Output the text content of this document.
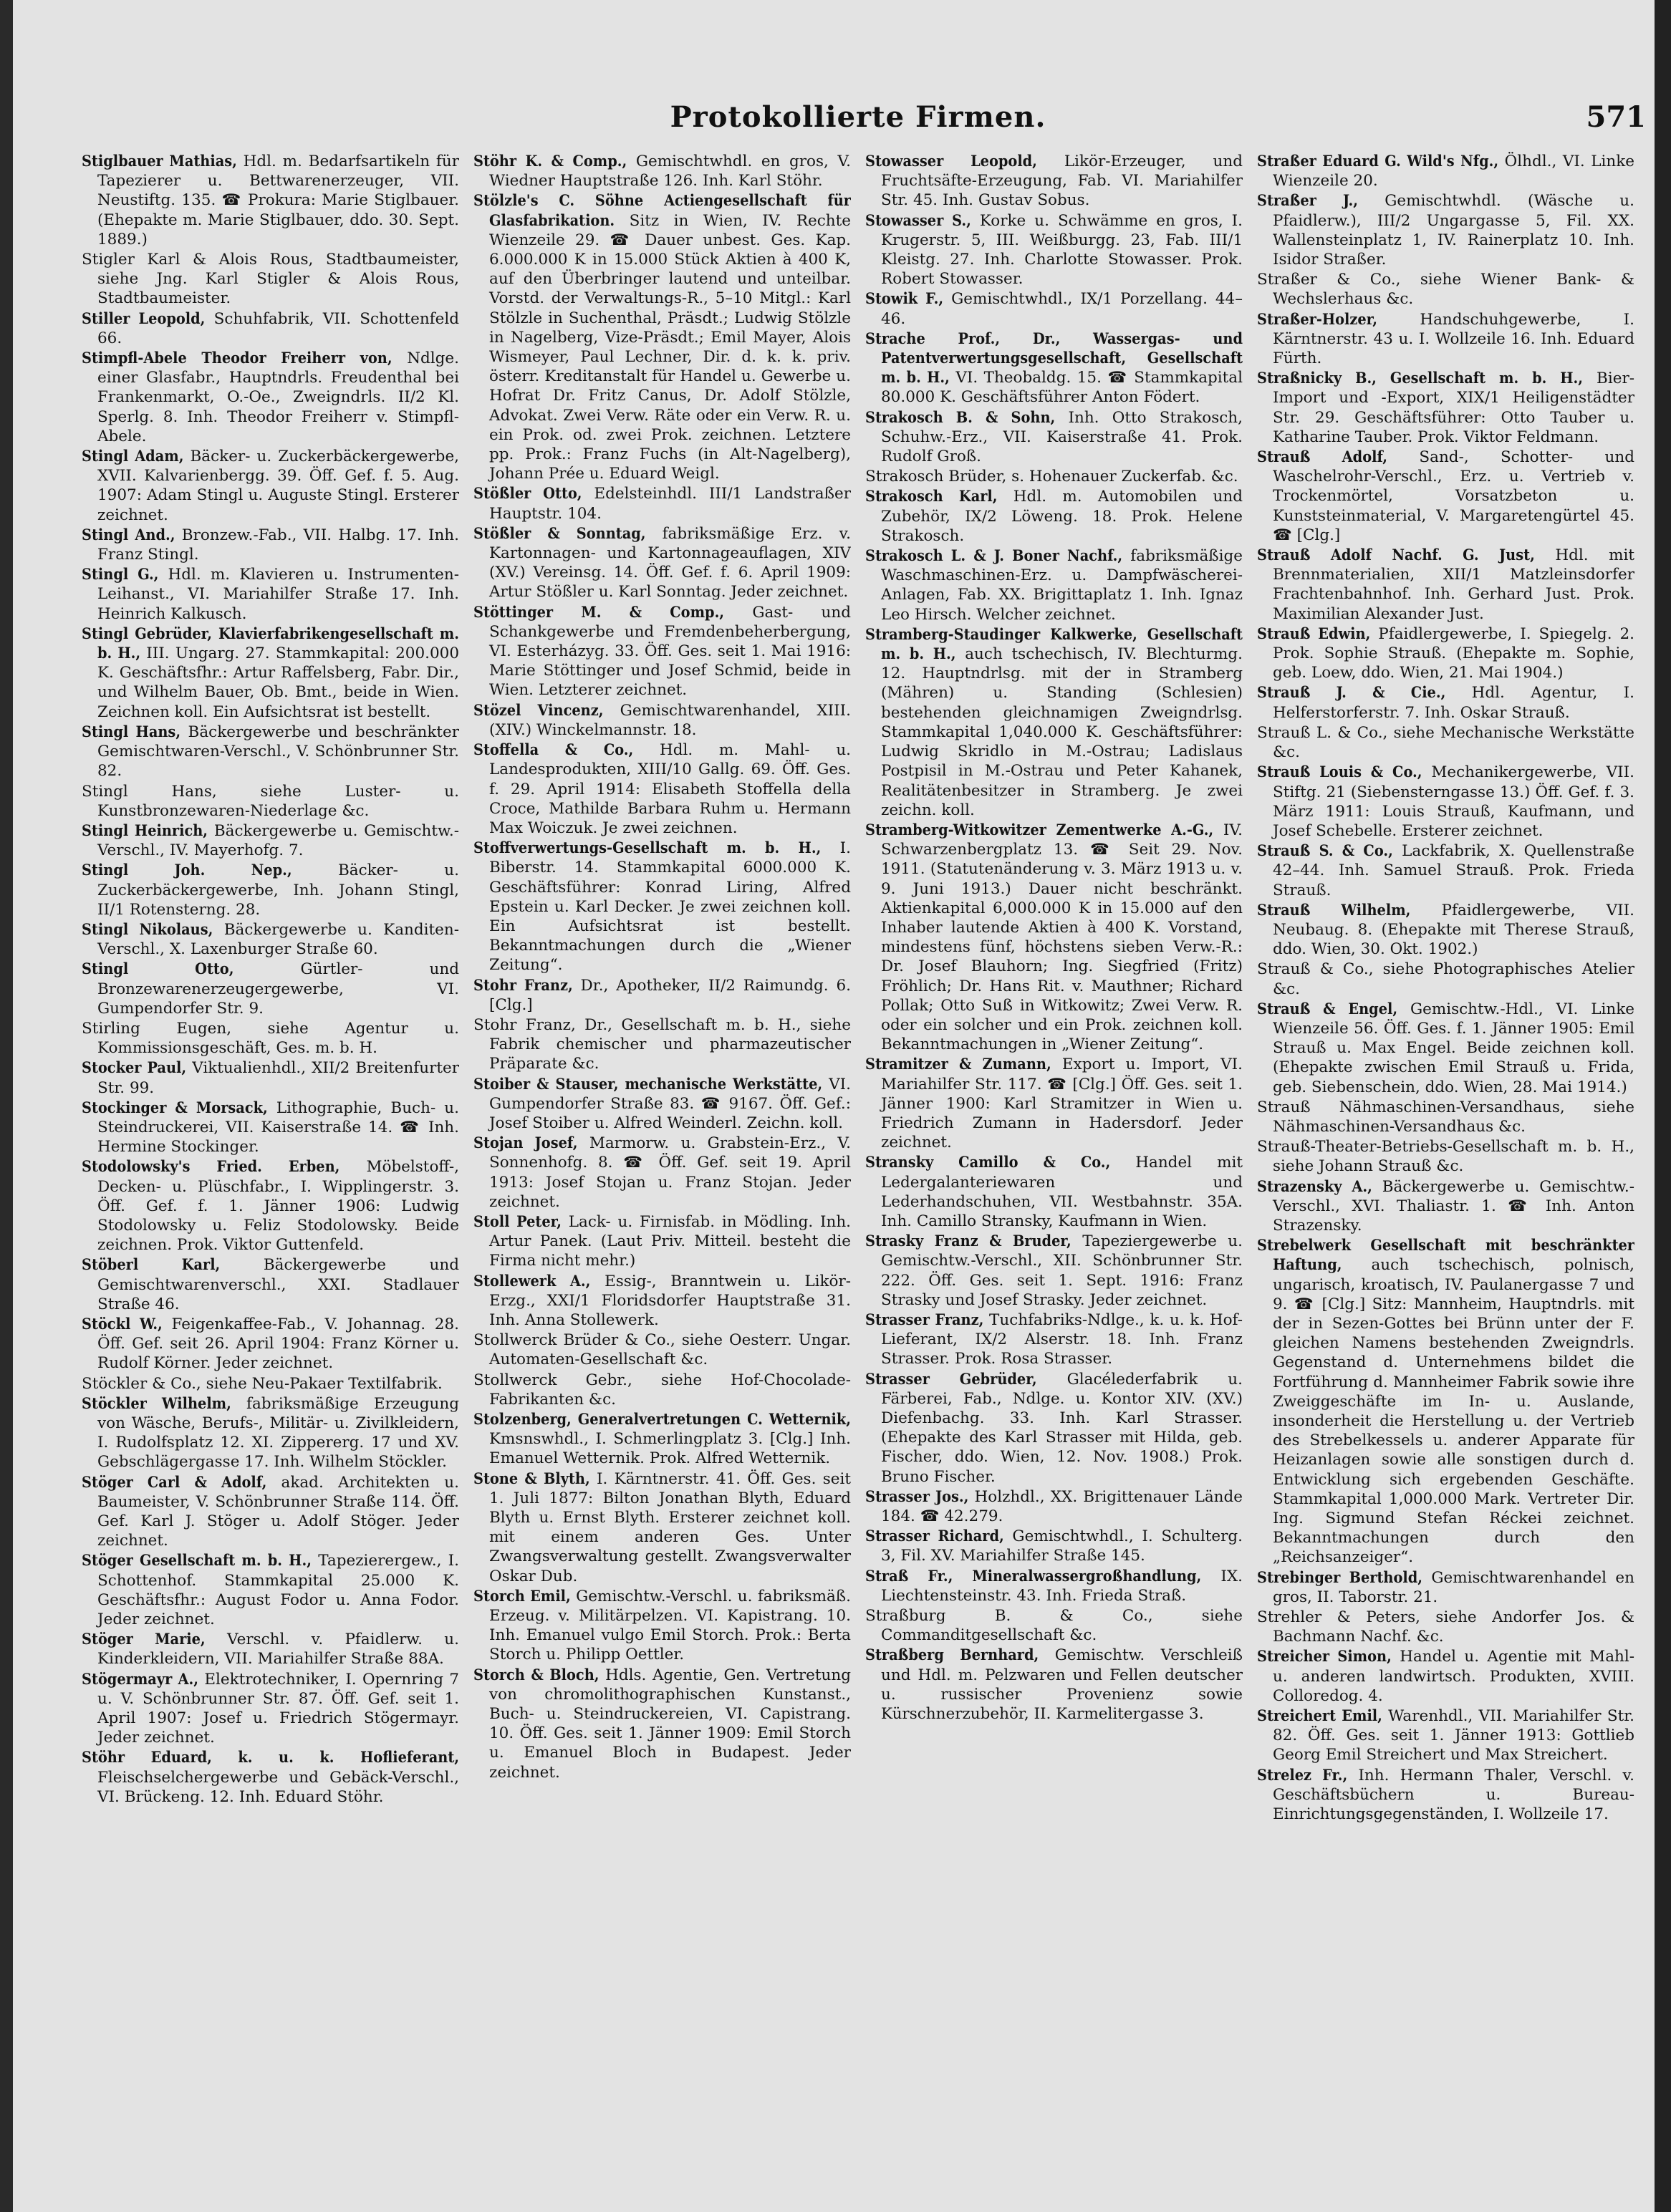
Protokollierte Firmen.	571
Stiglbauer Mathias, Hdl. m. Bedarfsartikeln für Tapezierer u. Bettwarenerzeuger, VII. Neustiftg. 135. ☎ Prokura: Marie Stiglbauer. (Ehepakte m. Marie Stiglbauer, ddo. 30. Sept. 1889.)
Stigler Karl & Alois Rous, Stadtbaumeister, siehe Jng. Karl Stigler & Alois Rous, Stadtbaumeister.
Stiller Leopold, Schuhfabrik, VII. Schottenfeld 66.
Stimpfl-Abele Theodor Freiherr von, Ndlge. einer Glasfabr., Hauptndrls. Freudenthal bei Frankenmarkt, O.-Oe., Zweigndrls. II/2 Kl. Sperlg. 8. Inh. Theodor Freiherr v. Stimpfl-Abele.
Stingl Adam, Bäcker- u. Zuckerbäckergewerbe, XVII. Kalvarienbergg. 39. Öff. Gef. f. 5. Aug. 1907: Adam Stingl u. Auguste Stingl. Ersterer zeichnet.
Stingl And., Bronzew.-Fab., VII. Halbg. 17. Inh. Franz Stingl.
Stingl G., Hdl. m. Klavieren u. Instrumenten-Leihanst., VI. Mariahilfer Straße 17. Inh. Heinrich Kalkusch.
Stingl Gebrüder, Klavierfabrikengesellschaft m. b. H., III. Ungarg. 27. Stammkapital: 200.000 K. Geschäftsfhr.: Artur Raffelsberg, Fabr. Dir., und Wilhelm Bauer, Ob. Bmt., beide in Wien. Zeichnen koll. Ein Aufsichtsrat ist bestellt.
Stingl Hans, Bäckergewerbe und beschränkter Gemischtwaren-Verschl., V. Schönbrunner Str. 82.
Stingl Hans, siehe Luster- u. Kunstbronzewaren-Niederlage &c.
Stingl Heinrich, Bäckergewerbe u. Gemischtw.-Verschl., IV. Mayerhofg. 7.
Stingl Joh. Nep., Bäcker- u. Zuckerbäckergewerbe, Inh. Johann Stingl, II/1 Rotensterng. 28.
Stingl Nikolaus, Bäckergewerbe u. Kanditen-Verschl., X. Laxenburger Straße 60.
Stingl Otto, Gürtler- und Bronzewarenerzeugergewerbe, VI. Gumpendorfer Str. 9.
Stirling Eugen, siehe Agentur u. Kommissionsgeschäft, Ges. m. b. H.
Stocker Paul, Viktualienhdl., XII/2 Breitenfurter Str. 99.
Stockinger & Morsack, Lithographie, Buch- u. Steindruckerei, VII. Kaiserstraße 14. ☎ Inh. Hermine Stockinger.
Stodolowsky's Fried. Erben, Möbelstoff-, Decken- u. Plüschfabr., I. Wipplingerstr. 3. Öff. Gef. f. 1. Jänner 1906: Ludwig Stodolowsky u. Feliz Stodolowsky. Beide zeichnen. Prok. Viktor Guttenfeld.
Stöberl Karl, Bäckergewerbe und Gemischtwarenverschl., XXI. Stadlauer Straße 46.
Stöckl W., Feigenkaffee-Fab., V. Johannag. 28. Öff. Gef. seit 26. April 1904: Franz Körner u. Rudolf Körner. Jeder zeichnet.
Stöckler & Co., siehe Neu-Pakaer Textilfabrik.
Stöckler Wilhelm, fabriksmäßige Erzeugung von Wäsche, Berufs-, Militär- u. Zivilkleidern, I. Rudolfsplatz 12. XI. Zippererg. 17 und XV. Gebschlägergasse 17. Inh. Wilhelm Stöckler.
Stöger Carl & Adolf, akad. Architekten u. Baumeister, V. Schönbrunner Straße 114. Öff. Gef. Karl J. Stöger u. Adolf Stöger. Jeder zeichnet.
Stöger Gesellschaft m. b. H., Tapezierergew., I. Schottenhof. Stammkapital 25.000 K. Geschäftsfhr.: August Fodor u. Anna Fodor. Jeder zeichnet.
Stöger Marie, Verschl. v. Pfaidlerw. u. Kinderkleidern, VII. Mariahilfer Straße 88A.
Stögermayr A., Elektrotechniker, I. Opernring 7 u. V. Schönbrunner Str. 87. Öff. Gef. seit 1. April 1907: Josef u. Friedrich Stögermayr. Jeder zeichnet.
Stöhr Eduard, k. u. k. Hoflieferant, Fleischselchergewerbe und Gebäck-Verschl., VI. Brückeng. 12. Inh. Eduard Stöhr.
Stöhr K. & Comp., Gemischtwhdl. en gros, V. Wiedner Hauptstraße 126. Inh. Karl Stöhr.
Stölzle's C. Söhne Actiengesellschaft für Glasfabrikation. Sitz in Wien, IV. Rechte Wienzeile 29. ☎ Dauer unbest. Ges. Kap. 6.000.000 K in 15.000 Stück Aktien à 400 K, auf den Überbringer lautend und unteilbar. Vorstd. der Verwaltungs-R., 5–10 Mitgl.: Karl Stölzle in Suchenthal, Präsdt.; Ludwig Stölzle in Nagelberg, Vize-Präsdt.; Emil Mayer, Alois Wismeyer, Paul Lechner, Dir. d. k. k. priv. österr. Kreditanstalt für Handel u. Gewerbe u. Hofrat Dr. Fritz Canus, Dr. Adolf Stölzle, Advokat. Zwei Verw. Räte oder ein Verw. R. u. ein Prok. od. zwei Prok. zeichnen. Letztere pp. Prok.: Franz Fuchs (in Alt-Nagelberg), Johann Prée u. Eduard Weigl.
Stößler Otto, Edelsteinhdl. III/1 Landstraßer Hauptstr. 104.
Stößler & Sonntag, fabriksmäßige Erz. v. Kartonnagen- und Kartonnageauflagen, XIV (XV.) Vereinsg. 14. Öff. Gef. f. 6. April 1909: Artur Stößler u. Karl Sonntag. Jeder zeichnet.
Stöttinger M. & Comp., Gast- und Schankgewerbe und Fremdenbeherbergung, VI. Esterházyg. 33. Öff. Ges. seit 1. Mai 1916: Marie Stöttinger und Josef Schmid, beide in Wien. Letzterer zeichnet.
Stözel Vincenz, Gemischtwarenhandel, XIII. (XIV.) Winckelmannstr. 18.
Stoffella & Co., Hdl. m. Mahl- u. Landesprodukten, XIII/10 Gallg. 69. Öff. Ges. f. 29. April 1914: Elisabeth Stoffella della Croce, Mathilde Barbara Ruhm u. Hermann Max Woiczuk. Je zwei zeichnen.
Stoffverwertungs-Gesellschaft m. b. H., I. Biberstr. 14. Stammkapital 6000.000 K. Geschäftsführer: Konrad Liring, Alfred Epstein u. Karl Decker. Je zwei zeichnen koll. Ein Aufsichtsrat ist bestellt. Bekanntmachungen durch die „Wiener Zeitung“.
Stohr Franz, Dr., Apotheker, II/2 Raimundg. 6. [Clg.]
Stohr Franz, Dr., Gesellschaft m. b. H., siehe Fabrik chemischer und pharmazeutischer Präparate &c.
Stoiber & Stauser, mechanische Werkstätte, VI. Gumpendorfer Straße 83. ☎ 9167. Öff. Gef.: Josef Stoiber u. Alfred Weinderl. Zeichn. koll.
Stojan Josef, Marmorw. u. Grabstein-Erz., V. Sonnenhofg. 8. ☎ Öff. Gef. seit 19. April 1913: Josef Stojan u. Franz Stojan. Jeder zeichnet.
Stoll Peter, Lack- u. Firnisfab. in Mödling. Inh. Artur Panek. (Laut Priv. Mitteil. besteht die Firma nicht mehr.)
Stollewerk A., Essig-, Branntwein u. Likör-Erzg., XXI/1 Floridsdorfer Hauptstraße 31. Inh. Anna Stollewerk.
Stollwerck Brüder & Co., siehe Oesterr. Ungar. Automaten-Gesellschaft &c.
Stollwerck Gebr., siehe Hof-Chocolade-Fabrikanten &c.
Stolzenberg, Generalvertretungen C. Wetternik, Kmsnswhdl., I. Schmerlingplatz 3. [Clg.] Inh. Emanuel Wetternik. Prok. Alfred Wetternik.
Stone & Blyth, I. Kärntnerstr. 41. Öff. Ges. seit 1. Juli 1877: Bilton Jonathan Blyth, Eduard Blyth u. Ernst Blyth. Ersterer zeichnet koll. mit einem anderen Ges. Unter Zwangsverwaltung gestellt. Zwangsverwalter Oskar Dub.
Storch Emil, Gemischtw.-Verschl. u. fabriksmäß. Erzeug. v. Militärpelzen. VI. Kapistrang. 10. Inh. Emanuel vulgo Emil Storch. Prok.: Berta Storch u. Philipp Oettler.
Storch & Bloch, Hdls. Agentie, Gen. Vertretung von chromolithographischen Kunstanst., Buch- u. Steindruckereien, VI. Capistrang. 10. Öff. Ges. seit 1. Jänner 1909: Emil Storch u. Emanuel Bloch in Budapest. Jeder zeichnet.
Stowasser Leopold, Likör-Erzeuger, und Fruchtsäfte-Erzeugung, Fab. VI. Mariahilfer Str. 45. Inh. Gustav Sobus.
Stowasser S., Korke u. Schwämme en gros, I. Krugerstr. 5, III. Weißburgg. 23, Fab. III/1 Kleistg. 27. Inh. Charlotte Stowasser. Prok. Robert Stowasser.
Stowik F., Gemischtwhdl., IX/1 Porzellang. 44–46.
Strache Prof., Dr., Wassergas- und Patentverwertungsgesellschaft, Gesellschaft m. b. H., VI. Theobaldg. 15. ☎ Stammkapital 80.000 K. Geschäftsführer Anton Födert.
Strakosch B. & Sohn, Inh. Otto Strakosch, Schuhw.-Erz., VII. Kaiserstraße 41. Prok. Rudolf Groß.
Strakosch Brüder, s. Hohenauer Zuckerfab. &c.
Strakosch Karl, Hdl. m. Automobilen und Zubehör, IX/2 Löweng. 18. Prok. Helene Strakosch.
Strakosch L. & J. Boner Nachf., fabriksmäßige Waschmaschinen-Erz. u. Dampfwäscherei-Anlagen, Fab. XX. Brigittaplatz 1. Inh. Ignaz Leo Hirsch. Welcher zeichnet.
Stramberg-Staudinger Kalkwerke, Gesellschaft m. b. H., auch tschechisch, IV. Blechturmg. 12. Hauptndrlsg. mit der in Stramberg (Mähren) u. Standing (Schlesien) bestehenden gleichnamigen Zweigndrlsg. Stammkapital 1,040.000 K. Geschäftsführer: Ludwig Skridlo in M.-Ostrau; Ladislaus Postpisil in M.-Ostrau und Peter Kahanek, Realitätenbesitzer in Stramberg. Je zwei zeichn. koll.
Stramberg-Witkowitzer Zementwerke A.-G., IV. Schwarzenbergplatz 13. ☎ Seit 29. Nov. 1911. (Statutenänderung v. 3. März 1913 u. v. 9. Juni 1913.) Dauer nicht beschränkt. Aktienkapital 6,000.000 K in 15.000 auf den Inhaber lautende Aktien à 400 K. Vorstand, mindestens fünf, höchstens sieben Verw.-R.: Dr. Josef Blauhorn; Ing. Siegfried (Fritz) Fröhlich; Dr. Hans Rit. v. Mauthner; Richard Pollak; Otto Suß in Witkowitz; Zwei Verw. R. oder ein solcher und ein Prok. zeichnen koll. Bekanntmachungen in „Wiener Zeitung“.
Stramitzer & Zumann, Export u. Import, VI. Mariahilfer Str. 117. ☎ [Clg.] Öff. Ges. seit 1. Jänner 1900: Karl Stramitzer in Wien u. Friedrich Zumann in Hadersdorf. Jeder zeichnet.
Stransky Camillo & Co., Handel mit Ledergalanteriewaren und Lederhandschuhen, VII. Westbahnstr. 35A. Inh. Camillo Stransky, Kaufmann in Wien.
Strasky Franz & Bruder, Tapeziergewerbe u. Gemischtw.-Verschl., XII. Schönbrunner Str. 222. Öff. Ges. seit 1. Sept. 1916: Franz Strasky und Josef Strasky. Jeder zeichnet.
Strasser Franz, Tuchfabriks-Ndlge., k. u. k. Hof-Lieferant, IX/2 Alserstr. 18. Inh. Franz Strasser. Prok. Rosa Strasser.
Strasser Gebrüder, Glacélederfabrik u. Färberei, Fab., Ndlge. u. Kontor XIV. (XV.) Diefenbachg. 33. Inh. Karl Strasser. (Ehepakte des Karl Strasser mit Hilda, geb. Fischer, ddo. Wien, 12. Nov. 1908.) Prok. Bruno Fischer.
Strasser Jos., Holzhdl., XX. Brigittenauer Lände 184. ☎ 42.279.
Strasser Richard, Gemischtwhdl., I. Schulterg. 3, Fil. XV. Mariahilfer Straße 145.
Straß Fr., Mineralwassergroßhandlung, IX. Liechtensteinstr. 43. Inh. Frieda Straß.
Straßburg B. & Co., siehe Commanditgesellschaft &c.
Straßberg Bernhard, Gemischtw. Verschleiß und Hdl. m. Pelzwaren und Fellen deutscher u. russischer Provenienz sowie Kürschnerzubehör, II. Karmelitergasse 3.
Straßer Eduard G. Wild's Nfg., Ölhdl., VI. Linke Wienzeile 20.
Straßer J., Gemischtwhdl. (Wäsche u. Pfaidlerw.), III/2 Ungargasse 5, Fil. XX. Wallensteinplatz 1, IV. Rainerplatz 10. Inh. Isidor Straßer.
Straßer & Co., siehe Wiener Bank- & Wechslerhaus &c.
Straßer-Holzer, Handschuhgewerbe, I. Kärntnerstr. 43 u. I. Wollzeile 16. Inh. Eduard Fürth.
Straßnicky B., Gesellschaft m. b. H., Bier-Import und -Export, XIX/1 Heiligenstädter Str. 29. Geschäftsführer: Otto Tauber u. Katharine Tauber. Prok. Viktor Feldmann.
Strauß Adolf, Sand-, Schotter- und Waschelrohr-Verschl., Erz. u. Vertrieb v. Trockenmörtel, Vorsatzbeton u. Kunststeinmaterial, V. Margaretengürtel 45. ☎ [Clg.]
Strauß Adolf Nachf. G. Just, Hdl. mit Brennmaterialien, XII/1 Matzleinsdorfer Frachtenbahnhof. Inh. Gerhard Just. Prok. Maximilian Alexander Just.
Strauß Edwin, Pfaidlergewerbe, I. Spiegelg. 2. Prok. Sophie Strauß. (Ehepakte m. Sophie, geb. Loew, ddo. Wien, 21. Mai 1904.)
Strauß J. & Cie., Hdl. Agentur, I. Helferstorferstr. 7. Inh. Oskar Strauß.
Strauß L. & Co., siehe Mechanische Werkstätte &c.
Strauß Louis & Co., Mechanikergewerbe, VII. Stiftg. 21 (Siebensterngasse 13.) Öff. Gef. f. 3. März 1911: Louis Strauß, Kaufmann, und Josef Schebelle. Ersterer zeichnet.
Strauß S. & Co., Lackfabrik, X. Quellenstraße 42–44. Inh. Samuel Strauß. Prok. Frieda Strauß.
Strauß Wilhelm, Pfaidlergewerbe, VII. Neubaug. 8. (Ehepakte mit Therese Strauß, ddo. Wien, 30. Okt. 1902.)
Strauß & Co., siehe Photographisches Atelier &c.
Strauß & Engel, Gemischtw.-Hdl., VI. Linke Wienzeile 56. Öff. Ges. f. 1. Jänner 1905: Emil Strauß u. Max Engel. Beide zeichnen koll. (Ehepakte zwischen Emil Strauß u. Frida, geb. Siebenschein, ddo. Wien, 28. Mai 1914.)
Strauß Nähmaschinen-Versandhaus, siehe Nähmaschinen-Versandhaus &c.
Strauß-Theater-Betriebs-Gesellschaft m. b. H., siehe Johann Strauß &c.
Strazensky A., Bäckergewerbe u. Gemischtw.-Verschl., XVI. Thaliastr. 1. ☎ Inh. Anton Strazensky.
Strebelwerk Gesellschaft mit beschränkter Haftung, auch tschechisch, polnisch, ungarisch, kroatisch, IV. Paulanergasse 7 und 9. ☎ [Clg.] Sitz: Mannheim, Hauptndrls. mit der in Sezen-Gottes bei Brünn unter der F. gleichen Namens bestehenden Zweigndrls. Gegenstand d. Unternehmens bildet die Fortführung d. Mannheimer Fabrik sowie ihre Zweiggeschäfte im In- u. Auslande, insonderheit die Herstellung u. der Vertrieb des Strebelkessels u. anderer Apparate für Heizanlagen sowie alle sonstigen durch d. Entwicklung sich ergebenden Geschäfte. Stammkapital 1,000.000 Mark. Vertreter Dir. Ing. Sigmund Stefan Réckei zeichnet. Bekanntmachungen durch den „Reichsanzeiger“.
Strebinger Berthold, Gemischtwarenhandel en gros, II. Taborstr. 21.
Strehler & Peters, siehe Andorfer Jos. & Bachmann Nachf. &c.
Streicher Simon, Handel u. Agentie mit Mahl- u. anderen landwirtsch. Produkten, XVIII. Colloredog. 4.
Streichert Emil, Warenhdl., VII. Mariahilfer Str. 82. Öff. Ges. seit 1. Jänner 1913: Gottlieb Georg Emil Streichert und Max Streichert.
Strelez Fr., Inh. Hermann Thaler, Verschl. v. Geschäftsbüchern u. Bureau-Einrichtungsgegenständen, I. Wollzeile 17.
